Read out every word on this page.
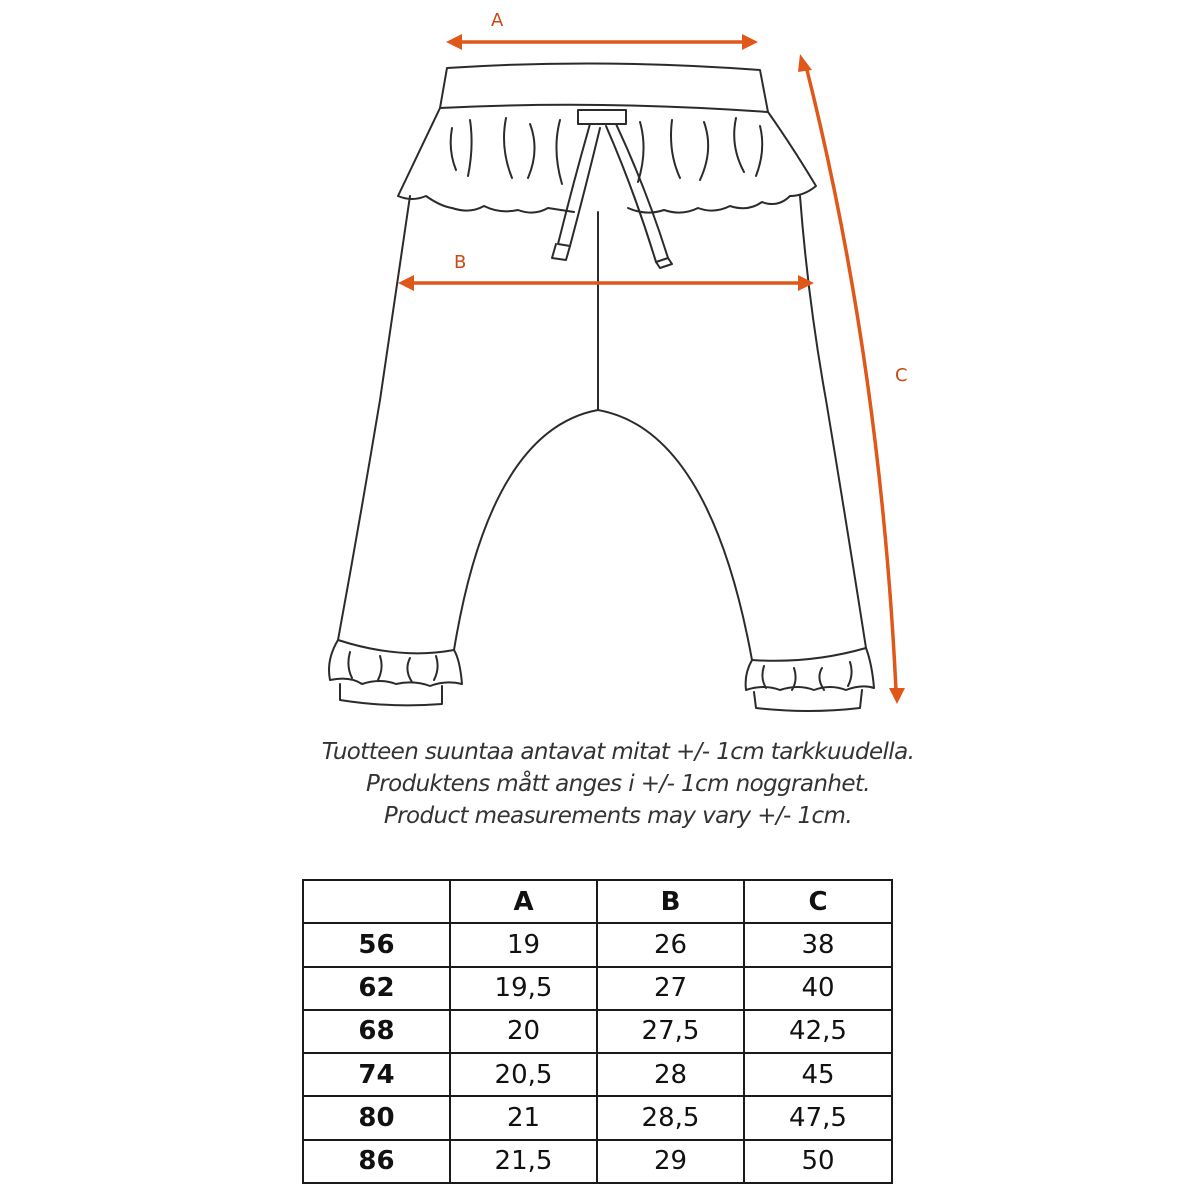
A
B
C
Tuotteen suuntaa antavat mitat +/- 1cm tarkkuudella.
Produktens mått anges i +/- 1cm noggranhet.
Product measurements may vary +/- 1cm.
	A	B	C
56	19	26	38
62	19,5	27	40
68	20	27,5	42,5
74	20,5	28	45
80	21	28,5	47,5
86	21,5	29	50
